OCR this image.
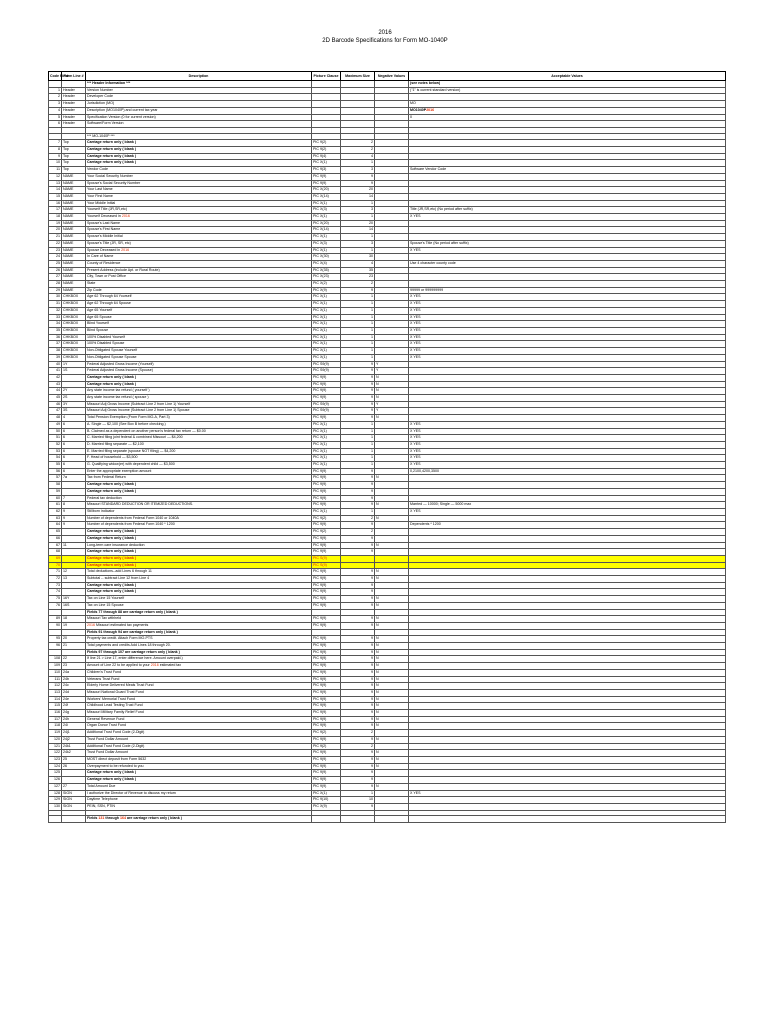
2016
2D Barcode Specifications for Form MO-1040P
Code Field	Form Line #	Description	Picture Clause	Maximum Size	Negative Values	Acceptable Values
		*** Header Information ***				(see notes below)
1	Header	Version Number				("1" is current standard version)
2	Header	Developer Code				
3	Header	Jurisdiction (MO)				MO
4	Header	Description (MO1040P) and current tax year				MO1040P2016
5	Header	Specification Version (0 for current version)				0
6	Header	Software/Form Version				

		*** MO-1040P ***				
7	Top	Carriage return only ( blank )	PIC 9(2)	2		
8	Top	Carriage return only ( blank )	PIC 9(2)	2		
9	Top	Carriage return only ( blank )	PIC 9(4)	4		
10	Top	Carriage return only ( blank )	PIC X(1)	1		
11	Top	Vendor Code	PIC 9(3)	3		Software Vendor Code
12	NAME	Your Social Security Number	PIC 9(9)	9		
13	NAME	Spouse's Social Security Number	PIC 9(9)	9		
14	NAME	Your Last Name	PIC X(20)	20		
15	NAME	Your First Name	PIC X(14)	14		
16	NAME	Your Middle Initial	PIC X(1)	1		
17	NAME	Yourself Title (JR,SR,etc)	PIC X(3)	3		Title (JR,SR,etc) (No period after suffix)
18	NAME	Yourself Deceased in 2016	PIC X(1)	1		X YES
19	NAME	Spouse's Last Name	PIC X(20)	20		
20	NAME	Spouse's First Name	PIC X(14)	14		
21	NAME	Spouse's Middle Initial	PIC X(1)	1		
22	NAME	Spouse's Title (JR, SR, etc)	PIC X(3)	3		Spouse's Title (No period after suffix)
23	NAME	Spouse Deceased in 2016	PIC X(1)	1		X YES
24	NAME	In Care of Name	PIC X(30)	30		
25	NAME	County of Residence	PIC X(4)	4		Use 4 character county code
26	NAME	Present Address (include Apt. or Rural Route)	PIC X(35)	35		
27	NAME	City, Town or Post Office	PIC X(23)	23		
28	NAME	State	PIC X(2)	2		
29	NAME	Zip Code	PIC X(9)	9		99999 or 999999999
30	CHKBOX	Age 62 Through 64 Yourself	PIC X(1)	1		X YES
31	CHKBOX	Age 62 Through 64 Spouse	PIC X(1)	1		X YES
32	CHKBOX	Age 65 Yourself	PIC X(1)	1		X YES
33	CHKBOX	Age 65 Spouse	PIC X(1)	1		X YES
34	CHKBOX	Blind Yourself	PIC X(1)	1		X YES
35	CHKBOX	Blind Spouse	PIC X(1)	1		X YES
36	CHKBOX	100% Disabled Yourself	PIC X(1)	1		X YES
37	CHKBOX	100% Disabled Spouse	PIC X(1)	1		X YES
38	CHKBOX	Non-Obligated Spouse Yourself	PIC X(1)	1		X YES
39	CHKBOX	Non-Obligated Spouse Spouse	PIC X(1)	1		X YES
40	1Y	Federal Adjusted Gross Income (Yourself)	PIC S9(9)	9	Y	
41	1S	Federal Adjusted Gross Income (Spouse)	PIC S9(9)	9	Y	
42		Carriage return only ( blank )	PIC 9(9)	9	N	
43		Carriage return only ( blank )	PIC 9(9)	9	N	
44	2Y	Any state income tax refund ( yourself )	PIC 9(9)	9	N	
45	2S	Any state income tax refund ( spouse )	PIC 9(9)	9	N	
46	3Y	Missouri Adj Gross Income (Subtract Line 2 from Line 1) Yourself	PIC S9(9)	9	Y	
47	3S	Missouri Adj Gross Income (Subtract Line 2 from Line 1) Spouse	PIC S9(9)	9	Y	
48	4	Total Pension Exemption (From Form MO-A, Part 3)	PIC 9(9)	9	N	
49	6	A. Single — $2,100 (See Box B before checking.)	PIC X(1)	1		X YES
50	6	B. Claimed as a dependent on another person's federal tax return — $0.00	PIC X(1)	1		X YES
51	6	C. Married filing joint federal & combined Missouri — $4,200	PIC X(1)	1		X YES
52	6	D. Married filing separate — $2,100	PIC X(1)	1		X YES
53	6	E. Married filing separate (spouse NOT filing) — $4,200	PIC X(1)	1		X YES
54	6	F. Head of household — $3,500	PIC X(1)	1		X YES
55	6	G. Qualifying widow(er) with dependent child — $3,500	PIC X(1)	1		X YES
56	6	Enter the appropriate exemption amount	PIC 9(9)	9		0,2100,4200,3500
57	7a	Tax from Federal Return	PIC 9(9)	9	N	
58		Carriage return only ( blank )	PIC 9(9)	9		
59		Carriage return only ( blank )	PIC 9(9)	9		
60	7	Federal tax deduction	PIC 9(9)	9		
61	8	Missouri STANDARD DEDUCTION OR ITEMIZED DEDUCTIONS.	PIC 9(9)	9	N	Married — 10000; Single — 5000 max
62	9	Stillborn indicator	PIC X(1)	1		X YES
63	9	Number of dependents from Federal Form 1040 or 1040A	PIC 9(2)	2	N	
64	9	Number of dependents from Federal Form 1040 * 1200	PIC 9(9)	9		Dependents * 1200
65		Carriage return only ( blank )	PIC 9(2)	2		
66		Carriage return only ( blank )	PIC 9(9)	9		
67	11	Long-term care insurance deduction	PIC 9(9)	9	N	
68		Carriage return only ( blank )	PIC 9(9)	9		
69		Carriage return only ( blank )	PIC S(9)			
70		Carriage return only ( blank )	PIC S(9)			
71	12	Total deductions--add Lines 6 through 11	PIC 9(9)	9	N	
72	13	Subtotal -- subtract Line 12 from Line 4	PIC 9(9)	9	N	
73		Carriage return only ( blank )	PIC 9(9)	9		
74		Carriage return only ( blank )	PIC 9(9)	9		
75	16Y	Tax on Line 15 Yourself	PIC 9(9)	9	N	
76	16S	Tax on Line 15 Spouse	PIC 9(9)	9	N	
		Fields 77 through 88 are carriage return only ( blank )				
89	18	Missouri Tax withheld	PIC 9(9)	9	N	
90	19	2016 Missouri estimated tax payments	PIC 9(9)	9	N	
		Fields 91 through 94 are carriage return only ( blank )				
95	20	Property tax credit. Attach Form MO-PTS	PIC 9(9)	9	N	
96	21	Total payments and credits Add Lines 18 through 20.	PIC 9(9)	9	N	
		Fields 97 through 107 are carriage return only ( blank )	PIC 9(9)	9	N	
108	22	If line 21 > Line 17, enter difference here. Amount overpaid.)	PIC 9(9)	9	N	
109	23	Amount of Line 22 to be applied to your 2016 estimated tax	PIC 9(9)	9	N	
110	24a	Children's Trust Fund	PIC 9(9)	9	N	
111	24b	Veterans Trust Fund	PIC 9(9)	9	N	
112	24c	Elderly Home Delivered Meals Trust Fund	PIC 9(9)	9	N	
113	24d	Missouri National Guard Trust Fund	PIC 9(9)	9	N	
114	24e	Workers' Memorial Trust Fund	PIC 9(9)	9	N	
115	24f	Childhood Lead Testing Trust Fund	PIC 9(9)	9	N	
116	24g	Missouri Military Family Relief Fund	PIC 9(9)	9	N	
117	24h	General Revenue Fund	PIC 9(9)	9	N	
118	24i	Organ Donor Trust Fund	PIC 9(9)	9	N	
119	24j1	Additional Trust Fund Code (2-Digit)	PIC 9(2)	2		
120	24j2	Trust Fund Dollar Amount	PIC 9(9)	9	N	
121	24k1	Additional Trust Fund Code (2-Digit)	PIC 9(2)	2		
122	24k2	Trust Fund Dollar Amount	PIC 9(9)	9	N	
123	25	MOST direct deposit from Form 5632	PIC 9(9)	9	N	
124	26	Overpayment to be refunded to you	PIC 9(9)	9	N	
125		Carriage return only ( blank )	PIC 9(9)	9		
126		Carriage return only ( blank )	PIC 9(9)	9		
127	27	Total Amount Due	PIC 9(9)	9	N	
128	SIGN	I authorize the Director of Revenue to discuss my return	PIC X(1)	1		X YES
129	SIGN	Daytime Telephone	PIC 9(10)	10		
130	SIGN	PEIN, SSN, PTIN	PIC X(9)	9		

		Fields 131 through 164 are carriage return only ( blank )				
